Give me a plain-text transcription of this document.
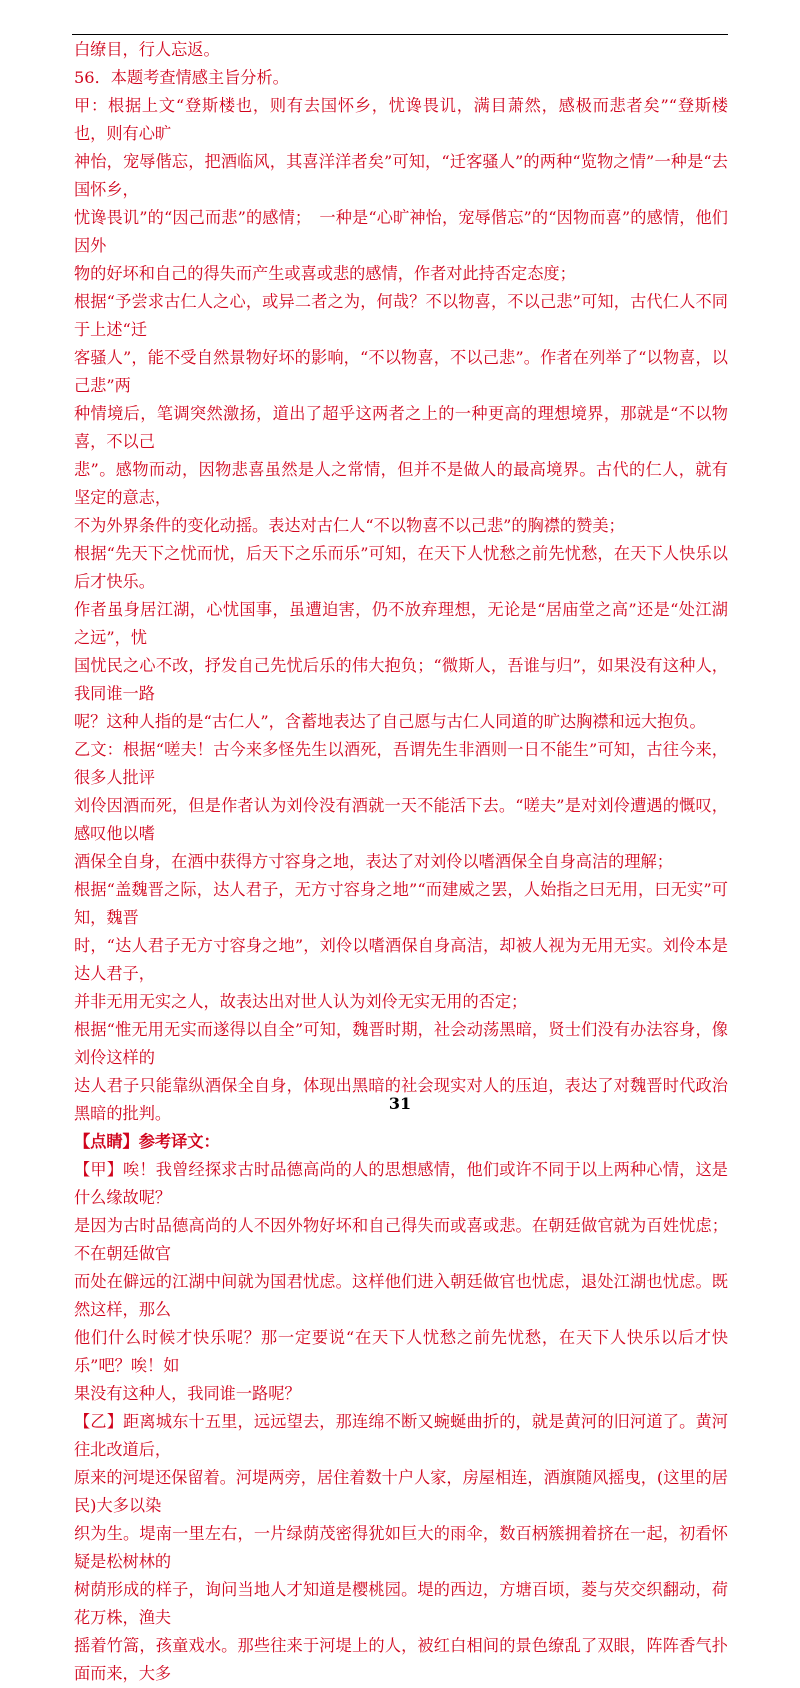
白缭目，行人忘返。

56．本题考查情感主旨分析。

甲：根据上文“登斯楼也，则有去国怀乡，忧谗畏讥，满目萧然，感极而悲者矣”“登斯楼也，则有心旷

神怡，宠辱偕忘，把酒临风，其喜洋洋者矣”可知，“迁客骚人”的两种“览物之情”一种是“去国怀乡，

忧谗畏讥”的“因己而悲”的感情；　一种是“心旷神怡，宠辱偕忘”的“因物而喜”的感情，他们因外

物的好坏和自己的得失而产生或喜或悲的感情，作者对此持否定态度；

根据“予尝求古仁人之心，或异二者之为，何哉？不以物喜，不以己悲”可知，古代仁人不同于上述“迁

客骚人”，能不受自然景物好坏的影响，“不以物喜，不以己悲”。作者在列举了“以物喜，以己悲”两

种情境后，笔调突然激扬，道出了超乎这两者之上的一种更高的理想境界，那就是“不以物喜，不以己

悲”。感物而动，因物悲喜虽然是人之常情，但并不是做人的最高境界。古代的仁人，就有坚定的意志，

不为外界条件的变化动摇。表达对古仁人“不以物喜不以己悲”的胸襟的赞美；

根据“先天下之忧而忧，后天下之乐而乐”可知，在天下人忧愁之前先忧愁，在天下人快乐以后才快乐。

作者虽身居江湖，心忧国事，虽遭迫害，仍不放弃理想，无论是“居庙堂之高”还是“处江湖之远”，忧

国忧民之心不改，抒发自己先忧后乐的伟大抱负；“微斯人，吾谁与归”，如果没有这种人，我同谁一路

呢？这种人指的是“古仁人”，含蓄地表达了自己愿与古仁人同道的旷达胸襟和远大抱负。

乙文：根据“嗟夫！古今来多怪先生以酒死，吾谓先生非酒则一日不能生”可知，古往今来，很多人批评

刘伶因酒而死，但是作者认为刘伶没有酒就一天不能活下去。“嗟夫”是对刘伶遭遇的慨叹，感叹他以嗜

酒保全自身，在酒中获得方寸容身之地，表达了对刘伶以嗜酒保全自身高洁的理解；

根据“盖魏晋之际，达人君子，无方寸容身之地”“而建威之罢，人始指之曰无用，曰无实”可知，魏晋

时，“达人君子无方寸容身之地”，刘伶以嗜酒保自身高洁，却被人视为无用无实。刘伶本是达人君子，

并非无用无实之人，故表达出对世人认为刘伶无实无用的否定；

根据“惟无用无实而遂得以自全”可知，魏晋时期，社会动荡黑暗，贤士们没有办法容身，像刘伶这样的

达人君子只能靠纵酒保全自身，体现出黑暗的社会现实对人的压迫，表达了对魏晋时代政治黑暗的批判。

【点睛】参考译文：

【甲】唉！我曾经探求古时品德高尚的人的思想感情，他们或许不同于以上两种心情，这是什么缘故呢？

是因为古时品德高尚的人不因外物好坏和自己得失而或喜或悲。在朝廷做官就为百姓忧虑；不在朝廷做官

而处在僻远的江湖中间就为国君忧虑。这样他们进入朝廷做官也忧虑，退处江湖也忧虑。既然这样，那么

他们什么时候才快乐呢？那一定要说“在天下人忧愁之前先忧愁，在天下人快乐以后才快乐”吧？唉！如

果没有这种人，我同谁一路呢？

【乙】距离城东十五里，远远望去，那连绵不断又蜿蜒曲折的，就是黄河的旧河道了。黄河往北改道后，

原来的河堤还保留着。河堤两旁，居住着数十户人家，房屋相连，酒旗随风摇曳，(这里的居民)大多以染

织为生。堤南一里左右，一片绿荫茂密得犹如巨大的雨伞，数百柄簇拥着挤在一起，初看怀疑是松树林的

树荫形成的样子，询问当地人才知道是樱桃园。堤的西边，方塘百顷，菱与芡交织翻动，荷花万株，渔夫

摇着竹篙，孩童戏水。那些往来于河堤上的人，被红白相间的景色缭乱了双眼，阵阵香气扑面而来，大多

31
